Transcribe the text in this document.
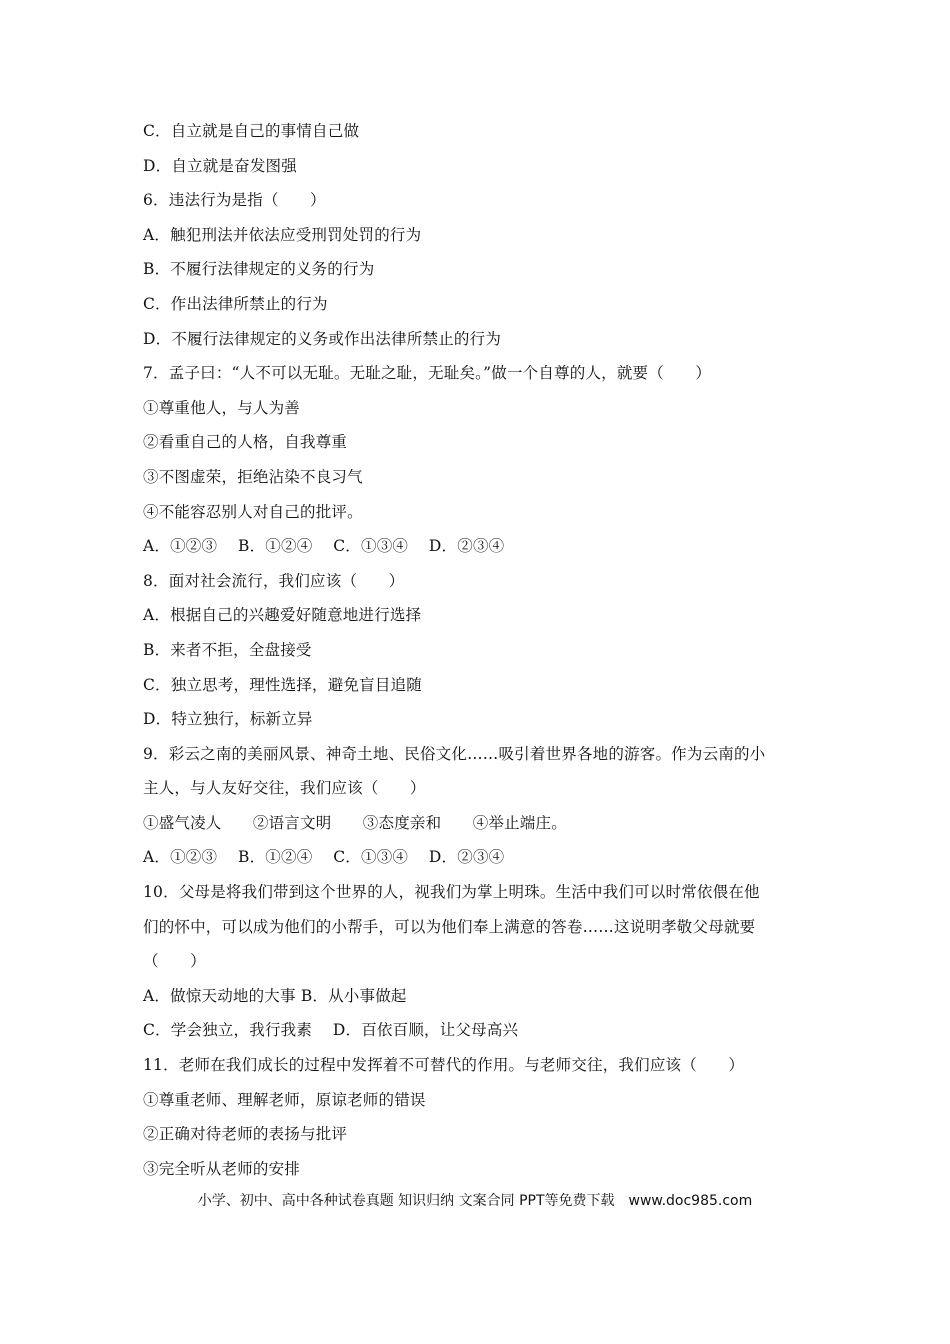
C．自立就是自己的事情自己做
D．自立就是奋发图强
6．违法行为是指（　　）
A．触犯刑法并依法应受刑罚处罚的行为
B．不履行法律规定的义务的行为
C．作出法律所禁止的行为
D．不履行法律规定的义务或作出法律所禁止的行为
7．孟子曰：“人不可以无耻。无耻之耻，无耻矣。”做一个自尊的人，就要（　　）
①尊重他人，与人为善
②看重自己的人格，自我尊重
③不图虚荣，拒绝沾染不良习气
④不能容忍别人对自己的批评。
A．①②③　 B．①②④　 C．①③④　 D．②③④
8．面对社会流行，我们应该（　　）
A．根据自己的兴趣爱好随意地进行选择
B．来者不拒，全盘接受
C．独立思考，理性选择，避免盲目追随
D．特立独行，标新立异
9．彩云之南的美丽风景、神奇土地、民俗文化……吸引着世界各地的游客。作为云南的小
主人，与人友好交往，我们应该（　　）
①盛气凌人　　②语言文明　　③态度亲和　　④举止端庄。
A．①②③　 B．①②④　 C．①③④　 D．②③④
10．父母是将我们带到这个世界的人，视我们为掌上明珠。生活中我们可以时常依偎在他
们的怀中，可以成为他们的小帮手，可以为他们奉上满意的答卷……这说明孝敬父母就要
（　　）
A．做惊天动地的大事 B．从小事做起
C．学会独立，我行我素　 D．百依百顺，让父母高兴
11．老师在我们成长的过程中发挥着不可替代的作用。与老师交往，我们应该（　　）
①尊重老师、理解老师，原谅老师的错误
②正确对待老师的表扬与批评
③完全听从老师的安排
小学、初中、高中各种试卷真题 知识归纳 文案合同 PPT等免费下载　www.doc985.com
